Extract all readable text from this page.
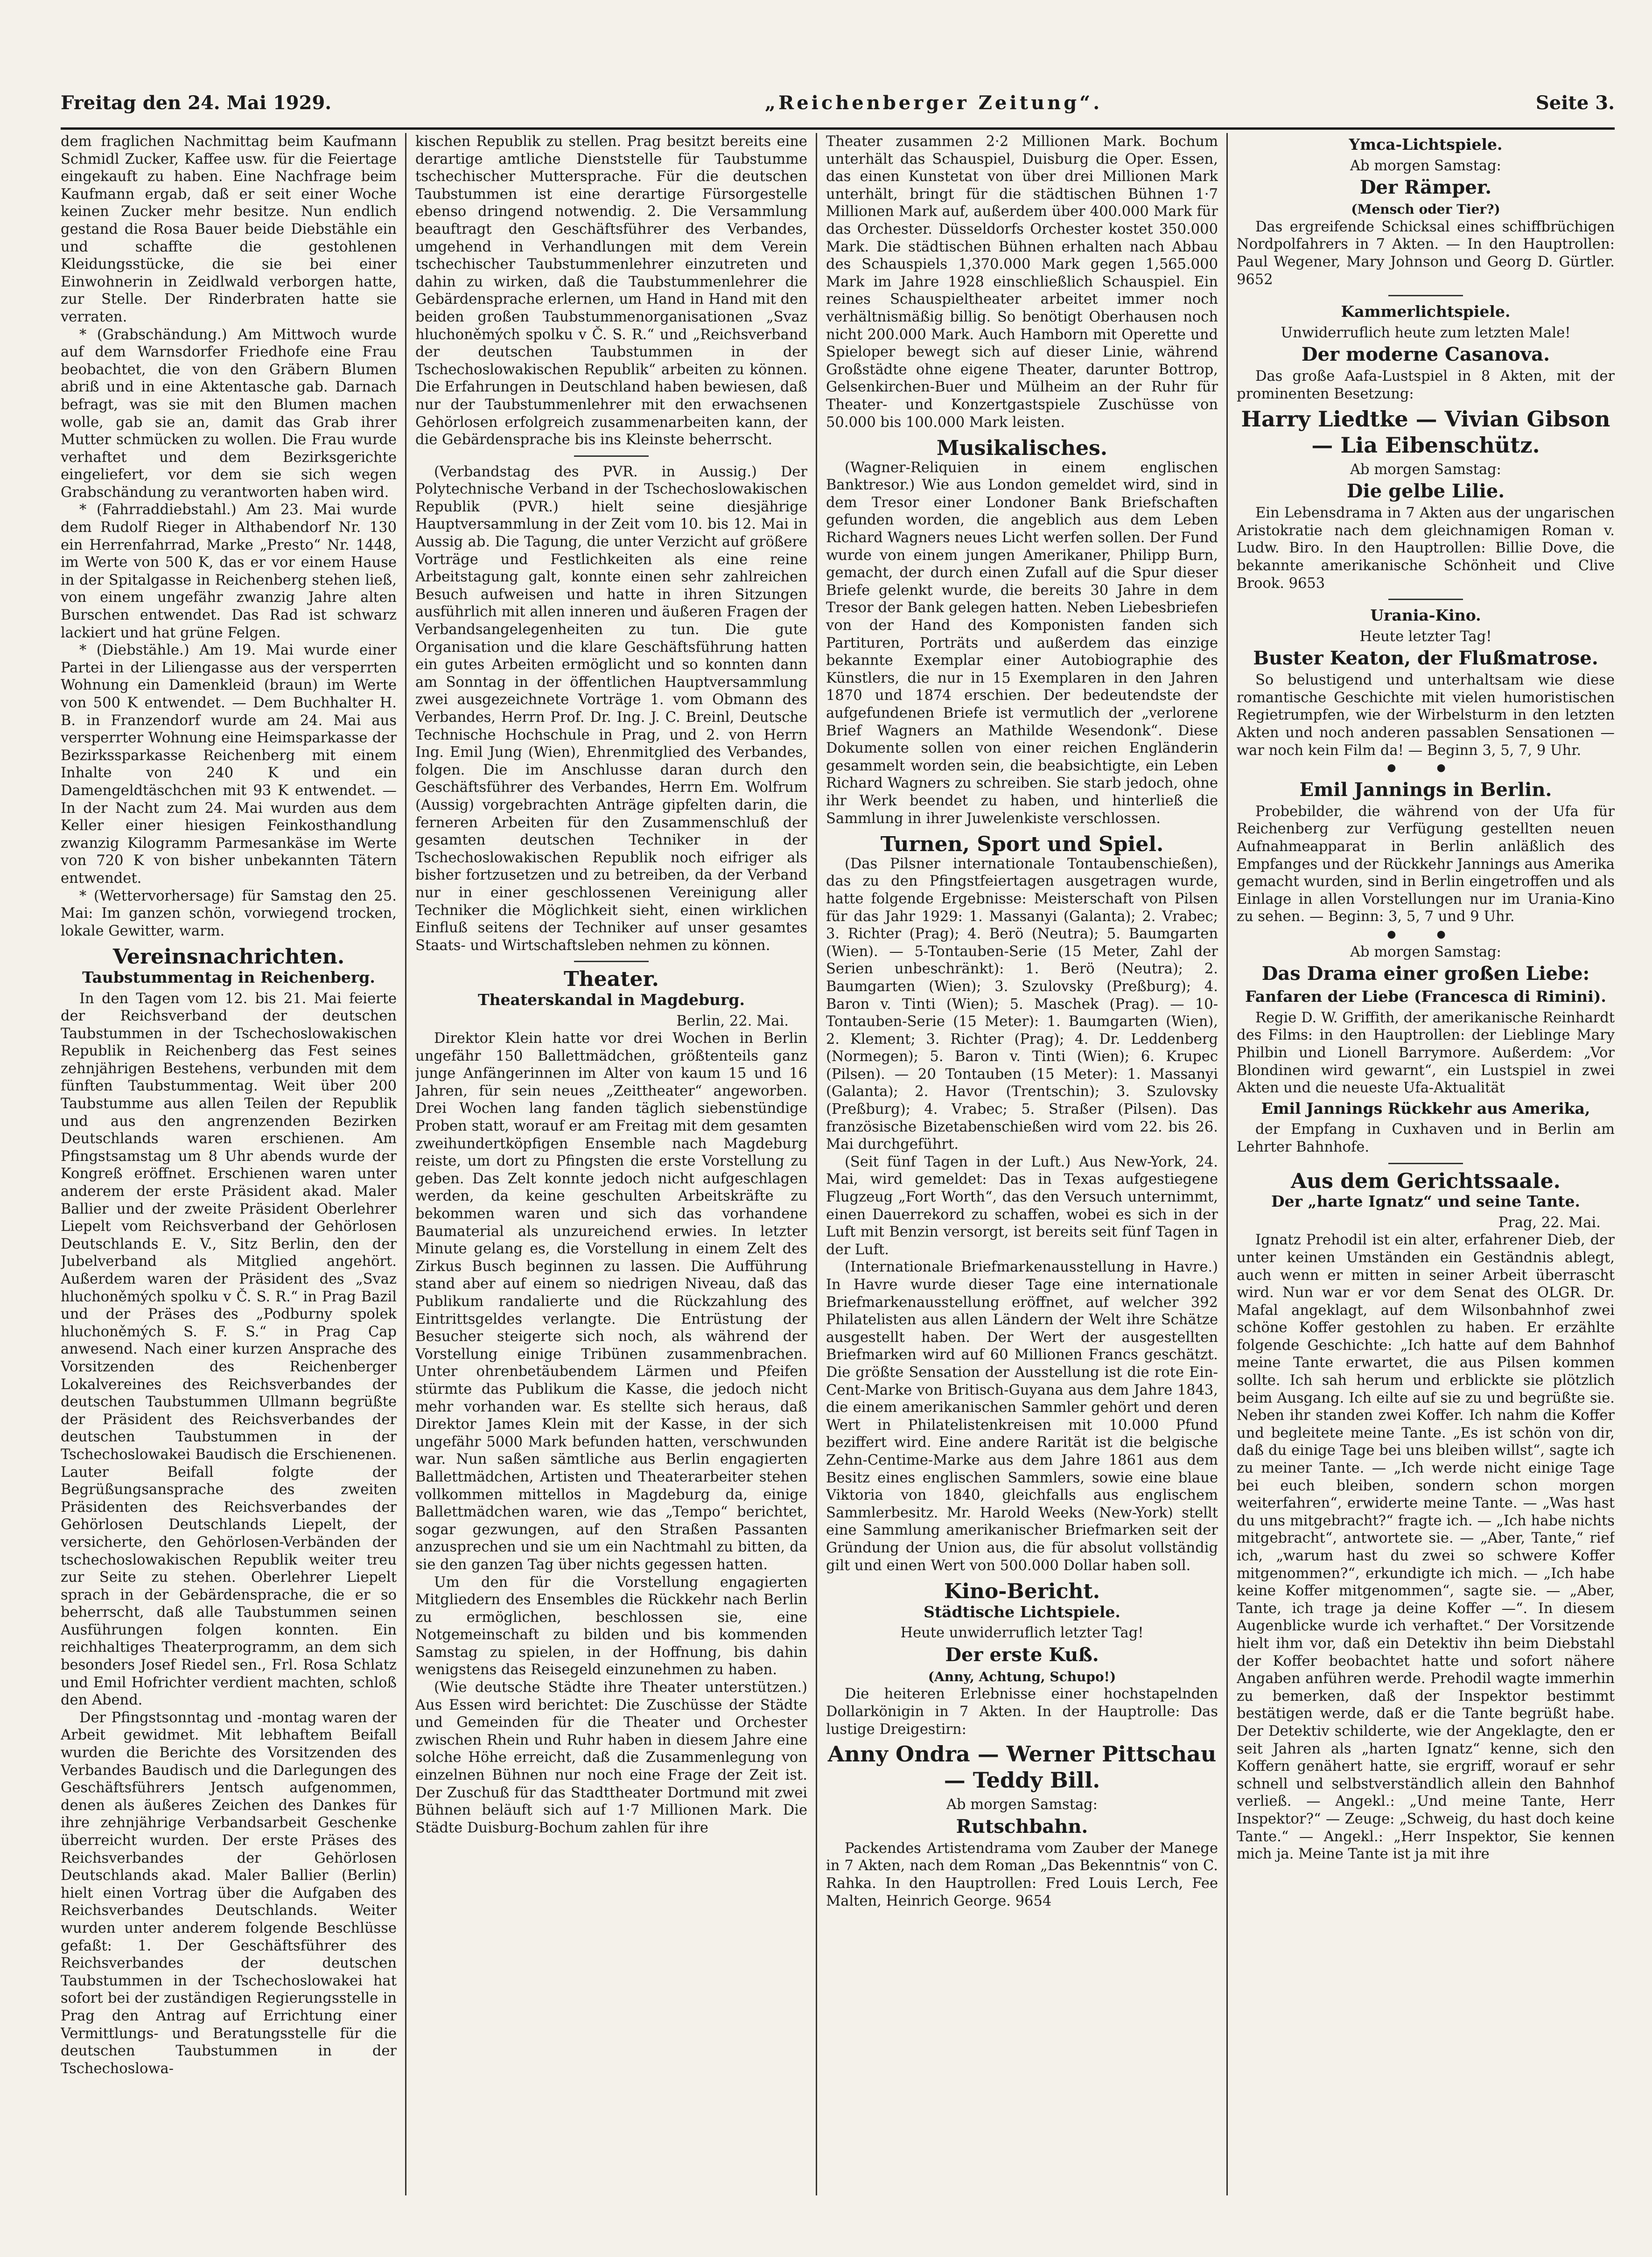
Freitag den 24. Mai 1929.	„Reichenberger Zeitung“.	Seite 3.

dem fraglichen Nachmittag beim Kaufmann Schmidl Zucker, Kaffee usw. für die Feiertage eingekauft zu haben. Eine Nachfrage beim Kaufmann ergab, daß er seit einer Woche keinen Zucker mehr besitze. Nun endlich gestand die Rosa Bauer beide Diebstähle ein und schaffte die gestohlenen Kleidungsstücke, die sie bei einer Einwohnerin in Zeidlwald verborgen hatte, zur Stelle. Der Rinderbraten hatte sie verraten.

* (Grabschändung.) Am Mittwoch wurde auf dem Warnsdorfer Friedhofe eine Frau beobachtet, die von den Gräbern Blumen abriß und in eine Aktentasche gab. Darnach befragt, was sie mit den Blumen machen wolle, gab sie an, damit das Grab ihrer Mutter schmücken zu wollen. Die Frau wurde verhaftet und dem Bezirksgerichte eingeliefert, vor dem sie sich wegen Grabschändung zu verantworten haben wird.

* (Fahrraddiebstahl.) Am 23. Mai wurde dem Rudolf Rieger in Althabendorf Nr. 130 ein Herrenfahrrad, Marke „Presto“ Nr. 1448, im Werte von 500 K, das er vor einem Hause in der Spitalgasse in Reichenberg stehen ließ, von einem ungefähr zwanzig Jahre alten Burschen entwendet. Das Rad ist schwarz lackiert und hat grüne Felgen.

* (Diebstähle.) Am 19. Mai wurde einer Partei in der Liliengasse aus der versperrten Wohnung ein Damenkleid (braun) im Werte von 500 K entwendet. — Dem Buchhalter H. B. in Franzendorf wurde am 24. Mai aus versperrter Wohnung eine Heimsparkasse der Bezirkssparkasse Reichenberg mit einem Inhalte von 240 K und ein Damengeldtäschchen mit 93 K entwendet. — In der Nacht zum 24. Mai wurden aus dem Keller einer hiesigen Feinkosthandlung zwanzig Kilogramm Parmesankäse im Werte von 720 K von bisher unbekannten Tätern entwendet.

* (Wettervorhersage) für Samstag den 25. Mai: Im ganzen schön, vorwiegend trocken, lokale Gewitter, warm.

Vereinsnachrichten.
Taubstummentag in Reichenberg.

In den Tagen vom 12. bis 21. Mai feierte der Reichsverband der deutschen Taubstummen in der Tschechoslowakischen Republik in Reichenberg das Fest seines zehnjährigen Bestehens, verbunden mit dem fünften Taubstummentag. Weit über 200 Taubstumme aus allen Teilen der Republik und aus den angrenzenden Bezirken Deutschlands waren erschienen. Am Pfingstsamstag um 8 Uhr abends wurde der Kongreß eröffnet. Erschienen waren unter anderem der erste Präsident akad. Maler Ballier und der zweite Präsident Oberlehrer Liepelt vom Reichsverband der Gehörlosen Deutschlands E. V., Sitz Berlin, den der Jubelverband als Mitglied angehört. Außerdem waren der Präsident des „Svaz hluchoněmých spolku v Č. S. R.“ in Prag Bazil und der Präses des „Podburny spolek hluchoněmých S. F. S.“ in Prag Cap anwesend. Nach einer kurzen Ansprache des Vorsitzenden des Reichenberger Lokalvereines des Reichsverbandes der deutschen Taubstummen Ullmann begrüßte der Präsident des Reichsverbandes der deutschen Taubstummen in der Tschechoslowakei Baudisch die Erschienenen. Lauter Beifall folgte der Begrüßungsansprache des zweiten Präsidenten des Reichsverbandes der Gehörlosen Deutschlands Liepelt, der versicherte, den Gehörlosen-Verbänden der tschechoslowakischen Republik weiter treu zur Seite zu stehen. Oberlehrer Liepelt sprach in der Gebärdensprache, die er so beherrscht, daß alle Taubstummen seinen Ausführungen folgen konnten. Ein reichhaltiges Theaterprogramm, an dem sich besonders Josef Riedel sen., Frl. Rosa Schlatz und Emil Hofrichter verdient machten, schloß den Abend.

Der Pfingstsonntag und -montag waren der Arbeit gewidmet. Mit lebhaftem Beifall wurden die Berichte des Vorsitzenden des Verbandes Baudisch und die Darlegungen des Geschäftsführers Jentsch aufgenommen, denen als äußeres Zeichen des Dankes für ihre zehnjährige Verbandsarbeit Geschenke überreicht wurden. Der erste Präses des Reichsverbandes der Gehörlosen Deutschlands akad. Maler Ballier (Berlin) hielt einen Vortrag über die Aufgaben des Reichsverbandes Deutschlands. Weiter wurden unter anderem folgende Beschlüsse gefaßt: 1. Der Geschäftsführer des Reichsverbandes der deutschen Taubstummen in der Tschechoslowakei hat sofort bei der zuständigen Regierungsstelle in Prag den Antrag auf Errichtung einer Vermittlungs- und Beratungsstelle für die deutschen Taubstummen in der Tschechoslowa-

kischen Republik zu stellen. Prag besitzt bereits eine derartige amtliche Dienststelle für Taubstumme tschechischer Muttersprache. Für die deutschen Taubstummen ist eine derartige Fürsorgestelle ebenso dringend notwendig. 2. Die Versammlung beauftragt den Geschäftsführer des Verbandes, umgehend in Verhandlungen mit dem Verein tschechischer Taubstummenlehrer einzutreten und dahin zu wirken, daß die Taubstummenlehrer die Gebärdensprache erlernen, um Hand in Hand mit den beiden großen Taubstummenorganisationen „Svaz hluchoněmých spolku v Č. S. R.“ und „Reichsverband der deutschen Taubstummen in der Tschechoslowakischen Republik“ arbeiten zu können. Die Erfahrungen in Deutschland haben bewiesen, daß nur der Taubstummenlehrer mit den erwachsenen Gehörlosen erfolgreich zusammenarbeiten kann, der die Gebärdensprache bis ins Kleinste beherrscht.

(Verbandstag des PVR. in Aussig.) Der Polytechnische Verband in der Tschechoslowakischen Republik (PVR.) hielt seine diesjährige Hauptversammlung in der Zeit vom 10. bis 12. Mai in Aussig ab. Die Tagung, die unter Verzicht auf größere Vorträge und Festlichkeiten als eine reine Arbeitstagung galt, konnte einen sehr zahlreichen Besuch aufweisen und hatte in ihren Sitzungen ausführlich mit allen inneren und äußeren Fragen der Verbandsangelegenheiten zu tun. Die gute Organisation und die klare Geschäftsführung hatten ein gutes Arbeiten ermöglicht und so konnten dann am Sonntag in der öffentlichen Hauptversammlung zwei ausgezeichnete Vorträge 1. vom Obmann des Verbandes, Herrn Prof. Dr. Ing. J. C. Breinl, Deutsche Technische Hochschule in Prag, und 2. von Herrn Ing. Emil Jung (Wien), Ehrenmitglied des Verbandes, folgen. Die im Anschlusse daran durch den Geschäftsführer des Verbandes, Herrn Em. Wolfrum (Aussig) vorgebrachten Anträge gipfelten darin, die ferneren Arbeiten für den Zusammenschluß der gesamten deutschen Techniker in der Tschechoslowakischen Republik noch eifriger als bisher fortzusetzen und zu betreiben, da der Verband nur in einer geschlossenen Vereinigung aller Techniker die Möglichkeit sieht, einen wirklichen Einfluß seitens der Techniker auf unser gesamtes Staats- und Wirtschaftsleben nehmen zu können.

Theater.
Theaterskandal in Magdeburg.
Berlin, 22. Mai.

Direktor Klein hatte vor drei Wochen in Berlin ungefähr 150 Ballettmädchen, größtenteils ganz junge Anfängerinnen im Alter von kaum 15 und 16 Jahren, für sein neues „Zeittheater“ angeworben. Drei Wochen lang fanden täglich siebenstündige Proben statt, worauf er am Freitag mit dem gesamten zweihundertköpfigen Ensemble nach Magdeburg reiste, um dort zu Pfingsten die erste Vorstellung zu geben. Das Zelt konnte jedoch nicht aufgeschlagen werden, da keine geschulten Arbeitskräfte zu bekommen waren und sich das vorhandene Baumaterial als unzureichend erwies. In letzter Minute gelang es, die Vorstellung in einem Zelt des Zirkus Busch beginnen zu lassen. Die Aufführung stand aber auf einem so niedrigen Niveau, daß das Publikum randalierte und die Rückzahlung des Eintrittsgeldes verlangte. Die Entrüstung der Besucher steigerte sich noch, als während der Vorstellung einige Tribünen zusammenbrachen. Unter ohrenbetäubendem Lärmen und Pfeifen stürmte das Publikum die Kasse, die jedoch nicht mehr vorhanden war. Es stellte sich heraus, daß Direktor James Klein mit der Kasse, in der sich ungefähr 5000 Mark befunden hatten, verschwunden war. Nun saßen sämtliche aus Berlin engagierten Ballettmädchen, Artisten und Theaterarbeiter stehen vollkommen mittellos in Magdeburg da, einige Ballettmädchen waren, wie das „Tempo“ berichtet, sogar gezwungen, auf den Straßen Passanten anzusprechen und sie um ein Nachtmahl zu bitten, da sie den ganzen Tag über nichts gegessen hatten.

Um den für die Vorstellung engagierten Mitgliedern des Ensembles die Rückkehr nach Berlin zu ermöglichen, beschlossen sie, eine Notgemeinschaft zu bilden und bis kommenden Samstag zu spielen, in der Hoffnung, bis dahin wenigstens das Reisegeld einzunehmen zu haben.

(Wie deutsche Städte ihre Theater unterstützen.) Aus Essen wird berichtet: Die Zuschüsse der Städte und Gemeinden für die Theater und Orchester zwischen Rhein und Ruhr haben in diesem Jahre eine solche Höhe erreicht, daß die Zusammenlegung von einzelnen Bühnen nur noch eine Frage der Zeit ist. Der Zuschuß für das Stadttheater Dortmund mit zwei Bühnen beläuft sich auf 1·7 Millionen Mark. Die Städte Duisburg-Bochum zahlen für ihre

Theater zusammen 2·2 Millionen Mark. Bochum unterhält das Schauspiel, Duisburg die Oper. Essen, das einen Kunstetat von über drei Millionen Mark unterhält, bringt für die städtischen Bühnen 1·7 Millionen Mark auf, außerdem über 400.000 Mark für das Orchester. Düsseldorfs Orchester kostet 350.000 Mark. Die städtischen Bühnen erhalten nach Abbau des Schauspiels 1,370.000 Mark gegen 1,565.000 Mark im Jahre 1928 einschließlich Schauspiel. Ein reines Schauspieltheater arbeitet immer noch verhältnismäßig billig. So benötigt Oberhausen noch nicht 200.000 Mark. Auch Hamborn mit Operette und Spieloper bewegt sich auf dieser Linie, während Großstädte ohne eigene Theater, darunter Bottrop, Gelsenkirchen-Buer und Mülheim an der Ruhr für Theater- und Konzertgastspiele Zuschüsse von 50.000 bis 100.000 Mark leisten.

Musikalisches.

(Wagner-Reliquien in einem englischen Banktresor.) Wie aus London gemeldet wird, sind in dem Tresor einer Londoner Bank Briefschaften gefunden worden, die angeblich aus dem Leben Richard Wagners neues Licht werfen sollen. Der Fund wurde von einem jungen Amerikaner, Philipp Burn, gemacht, der durch einen Zufall auf die Spur dieser Briefe gelenkt wurde, die bereits 30 Jahre in dem Tresor der Bank gelegen hatten. Neben Liebesbriefen von der Hand des Komponisten fanden sich Partituren, Porträts und außerdem das einzige bekannte Exemplar einer Autobiographie des Künstlers, die nur in 15 Exemplaren in den Jahren 1870 und 1874 erschien. Der bedeutendste der aufgefundenen Briefe ist vermutlich der „verlorene Brief Wagners an Mathilde Wesendonk“. Diese Dokumente sollen von einer reichen Engländerin gesammelt worden sein, die beabsichtigte, ein Leben Richard Wagners zu schreiben. Sie starb jedoch, ohne ihr Werk beendet zu haben, und hinterließ die Sammlung in ihrer Juwelenkiste verschlossen.

Turnen, Sport und Spiel.

(Das Pilsner internationale Tontaubenschießen), das zu den Pfingstfeiertagen ausgetragen wurde, hatte folgende Ergebnisse: Meisterschaft von Pilsen für das Jahr 1929: 1. Massanyi (Galanta); 2. Vrabec; 3. Richter (Prag); 4. Berö (Neutra); 5. Baumgarten (Wien). — 5-Tontauben-Serie (15 Meter, Zahl der Serien unbeschränkt): 1. Berö (Neutra); 2. Baumgarten (Wien); 3. Szulovsky (Preßburg); 4. Baron v. Tinti (Wien); 5. Maschek (Prag). — 10-Tontauben-Serie (15 Meter): 1. Baumgarten (Wien), 2. Klement; 3. Richter (Prag); 4. Dr. Leddenberg (Normegen); 5. Baron v. Tinti (Wien); 6. Krupec (Pilsen). — 20 Tontauben (15 Meter): 1. Massanyi (Galanta); 2. Havor (Trentschin); 3. Szulovsky (Preßburg); 4. Vrabec; 5. Straßer (Pilsen). Das französische Bizetabenschießen wird vom 22. bis 26. Mai durchgeführt.

(Seit fünf Tagen in der Luft.) Aus New-York, 24. Mai, wird gemeldet: Das in Texas aufgestiegene Flugzeug „Fort Worth“, das den Versuch unternimmt, einen Dauerrekord zu schaffen, wobei es sich in der Luft mit Benzin versorgt, ist bereits seit fünf Tagen in der Luft.

(Internationale Briefmarkenausstellung in Havre.) In Havre wurde dieser Tage eine internationale Briefmarkenausstellung eröffnet, auf welcher 392 Philatelisten aus allen Ländern der Welt ihre Schätze ausgestellt haben. Der Wert der ausgestellten Briefmarken wird auf 60 Millionen Francs geschätzt. Die größte Sensation der Ausstellung ist die rote Ein-Cent-Marke von Britisch-Guyana aus dem Jahre 1843, die einem amerikanischen Sammler gehört und deren Wert in Philatelistenkreisen mit 10.000 Pfund beziffert wird. Eine andere Rarität ist die belgische Zehn-Centime-Marke aus dem Jahre 1861 aus dem Besitz eines englischen Sammlers, sowie eine blaue Viktoria von 1840, gleichfalls aus englischem Sammlerbesitz. Mr. Harold Weeks (New-York) stellt eine Sammlung amerikanischer Briefmarken seit der Gründung der Union aus, die für absolut vollständig gilt und einen Wert von 500.000 Dollar haben soll.

Kino-Bericht.
Städtische Lichtspiele.
Heute unwiderruflich letzter Tag!
Der erste Kuß.
(Anny, Achtung, Schupo!)

Die heiteren Erlebnisse einer hochstapelnden Dollarkönigin in 7 Akten. In der Hauptrolle: Das lustige Dreigestirn:

Anny Ondra — Werner Pittschau — Teddy Bill.
Ab morgen Samstag:
Rutschbahn.

Packendes Artistendrama vom Zauber der Manege in 7 Akten, nach dem Roman „Das Bekenntnis“ von C. Rahka. In den Hauptrollen: Fred Louis Lerch, Fee Malten, Heinrich George. 9654

Ymca-Lichtspiele.
Ab morgen Samstag:
Der Rämper.
(Mensch oder Tier?)

Das ergreifende Schicksal eines schiffbrüchigen Nordpolfahrers in 7 Akten. — In den Hauptrollen: Paul Wegener, Mary Johnson und Georg D. Gürtler. 9652

Kammerlichtspiele.
Unwiderruflich heute zum letzten Male!
Der moderne Casanova.

Das große Aafa-Lustspiel in 8 Akten, mit der prominenten Besetzung:

Harry Liedtke — Vivian Gibson — Lia Eibenschütz.
Ab morgen Samstag:
Die gelbe Lilie.

Ein Lebensdrama in 7 Akten aus der ungarischen Aristokratie nach dem gleichnamigen Roman v. Ludw. Biro. In den Hauptrollen: Billie Dove, die bekannte amerikanische Schönheit und Clive Brook. 9653

Urania-Kino.
Heute letzter Tag!
Buster Keaton, der Flußmatrose.

So belustigend und unterhaltsam wie diese romantische Geschichte mit vielen humoristischen Regietrumpfen, wie der Wirbelsturm in den letzten Akten und noch anderen passablen Sensationen — war noch kein Film da! — Beginn 3, 5, 7, 9 Uhr.

● ●
Emil Jannings in Berlin.

Probebilder, die während von der Ufa für Reichenberg zur Verfügung gestellten neuen Aufnahmeapparat in Berlin anläßlich des Empfanges und der Rückkehr Jannings aus Amerika gemacht wurden, sind in Berlin eingetroffen und als Einlage in allen Vorstellungen nur im Urania-Kino zu sehen. — Beginn: 3, 5, 7 und 9 Uhr.

● ●
Ab morgen Samstag:
Das Drama einer großen Liebe:
Fanfaren der Liebe (Francesca di Rimini).

Regie D. W. Griffith, der amerikanische Reinhardt des Films: in den Hauptrollen: der Lieblinge Mary Philbin und Lionell Barrymore. Außerdem: „Vor Blondinen wird gewarnt“, ein Lustspiel in zwei Akten und die neueste Ufa-Aktualität

Emil Jannings Rückkehr aus Amerika,

der Empfang in Cuxhaven und in Berlin am Lehrter Bahnhofe.

Aus dem Gerichtssaale.
Der „harte Ignatz“ und seine Tante.
Prag, 22. Mai.

Ignatz Prehodil ist ein alter, erfahrener Dieb, der unter keinen Umständen ein Geständnis ablegt, auch wenn er mitten in seiner Arbeit überrascht wird. Nun war er vor dem Senat des OLGR. Dr. Mafal angeklagt, auf dem Wilsonbahnhof zwei schöne Koffer gestohlen zu haben. Er erzählte folgende Geschichte: „Ich hatte auf dem Bahnhof meine Tante erwartet, die aus Pilsen kommen sollte. Ich sah herum und erblickte sie plötzlich beim Ausgang. Ich eilte auf sie zu und begrüßte sie. Neben ihr standen zwei Koffer. Ich nahm die Koffer und begleitete meine Tante. „Es ist schön von dir, daß du einige Tage bei uns bleiben willst“, sagte ich zu meiner Tante. — „Ich werde nicht einige Tage bei euch bleiben, sondern schon morgen weiterfahren“, erwiderte meine Tante. — „Was hast du uns mitgebracht?“ fragte ich. — „Ich habe nichts mitgebracht“, antwortete sie. — „Aber, Tante,“ rief ich, „warum hast du zwei so schwere Koffer mitgenommen?“, erkundigte ich mich. — „Ich habe keine Koffer mitgenommen“, sagte sie. — „Aber, Tante, ich trage ja deine Koffer —“. In diesem Augenblicke wurde ich verhaftet.“ Der Vorsitzende hielt ihm vor, daß ein Detektiv ihn beim Diebstahl der Koffer beobachtet hatte und sofort nähere Angaben anführen werde. Prehodil wagte immerhin zu bemerken, daß der Inspektor bestimmt bestätigen werde, daß er die Tante begrüßt habe. Der Detektiv schilderte, wie der Angeklagte, den er seit Jahren als „harten Ignatz“ kenne, sich den Koffern genähert hatte, sie ergriff, worauf er sehr schnell und selbstverständlich allein den Bahnhof verließ. — Angekl.: „Und meine Tante, Herr Inspektor?“ — Zeuge: „Schweig, du hast doch keine Tante.“ — Angekl.: „Herr Inspektor, Sie kennen mich ja. Meine Tante ist ja mit ihre
